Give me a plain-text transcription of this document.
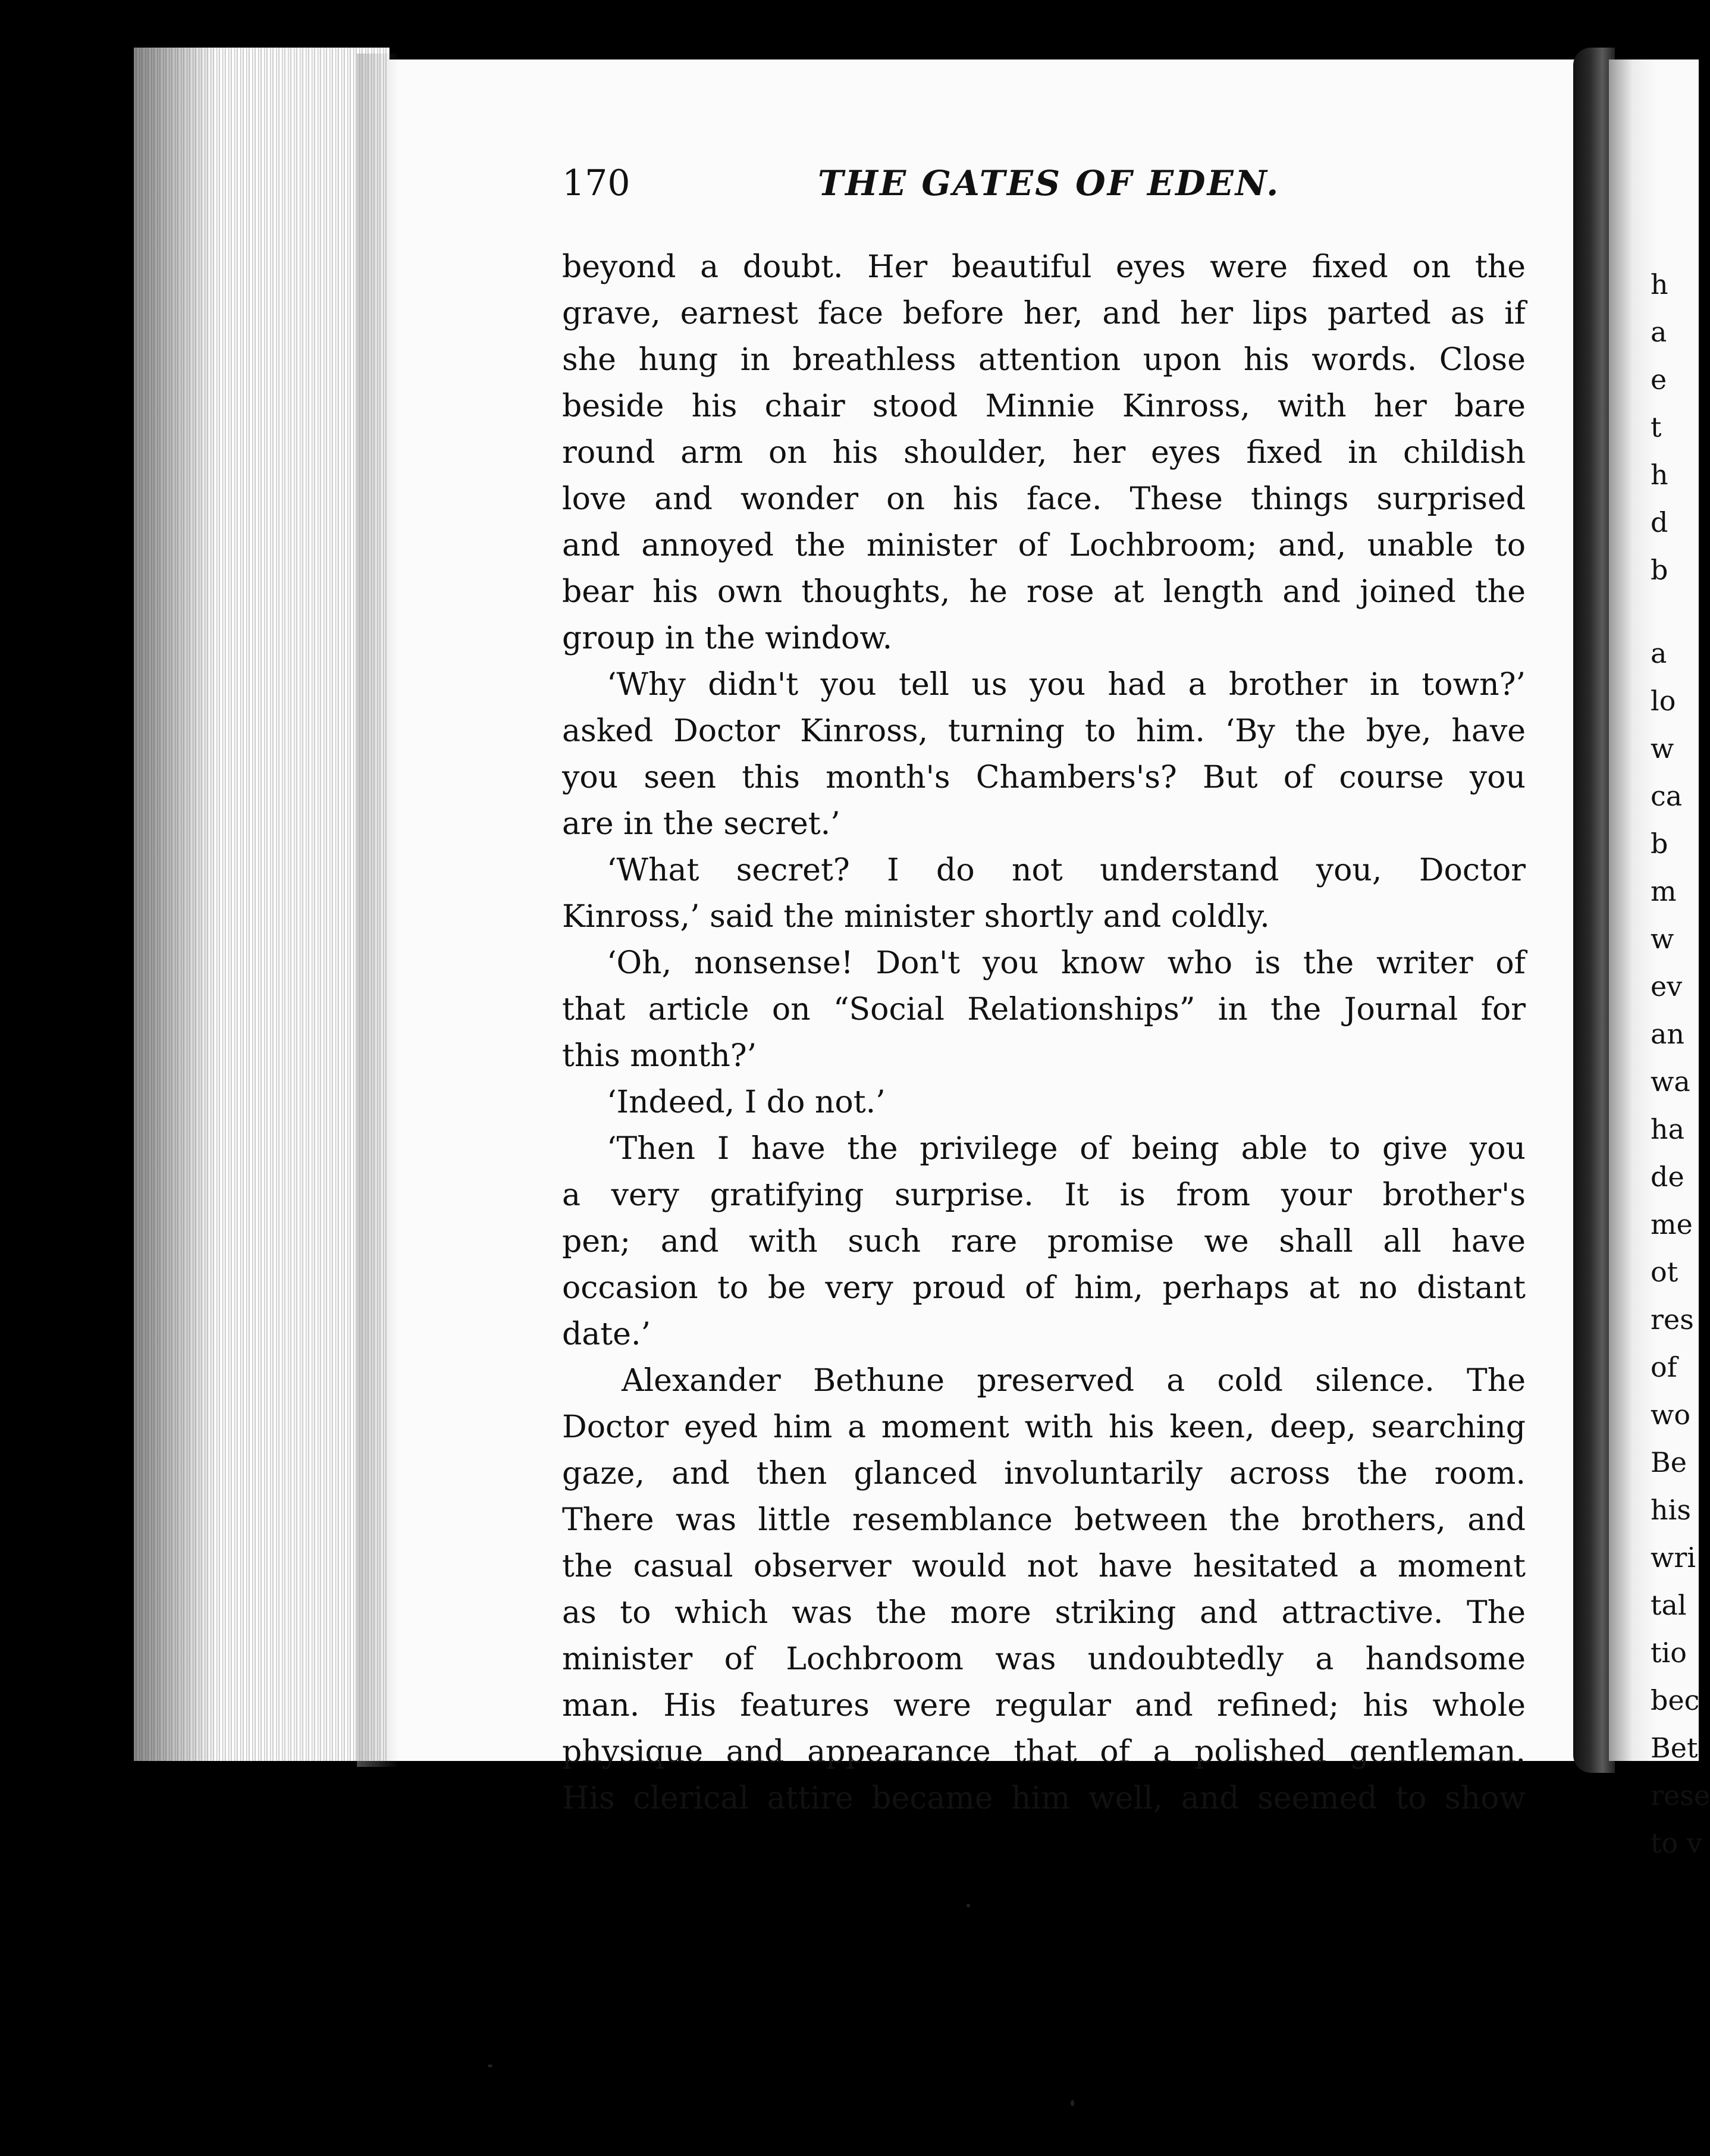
170	THE GATES OF EDEN.
beyond a doubt. Her beautiful eyes were fixed on the
grave, earnest face before her, and her lips parted as if
she hung in breathless attention upon his words. Close
beside his chair stood Minnie Kinross, with her bare
round arm on his shoulder, her eyes fixed in childish
love and wonder on his face. These things surprised
and annoyed the minister of Lochbroom; and, unable to
bear his own thoughts, he rose at length and joined the
group in the window.
‘Why didn't you tell us you had a brother in town?’
asked Doctor Kinross, turning to him. ‘By the bye, have
you seen this month's Chambers's? But of course you
are in the secret.’
‘What secret? I do not understand you, Doctor
Kinross,’ said the minister shortly and coldly.
‘Oh, nonsense! Don't you know who is the writer of
that article on “Social Relationships” in the Journal for
this month?’
‘Indeed, I do not.’
‘Then I have the privilege of being able to give you
a very gratifying surprise. It is from your brother's
pen; and with such rare promise we shall all have
occasion to be very proud of him, perhaps at no distant
date.’
Alexander Bethune preserved a cold silence. The
Doctor eyed him a moment with his keen, deep, searching
gaze, and then glanced involuntarily across the room.
There was little resemblance between the brothers, and
the casual observer would not have hesitated a moment
as to which was the more striking and attractive. The
minister of Lochbroom was undoubtedly a handsome
man. His features were regular and refined; his whole
physique and appearance that of a polished gentleman.
His clerical attire became him well, and seemed to show
h
a
e
t
h
d
b
a
lo
w
ca
b
m
w
ev
an
wa
ha
de
me
ot
res
of
wo
Be
his
wri
tal
tio
bec
Bet
rese
to v
